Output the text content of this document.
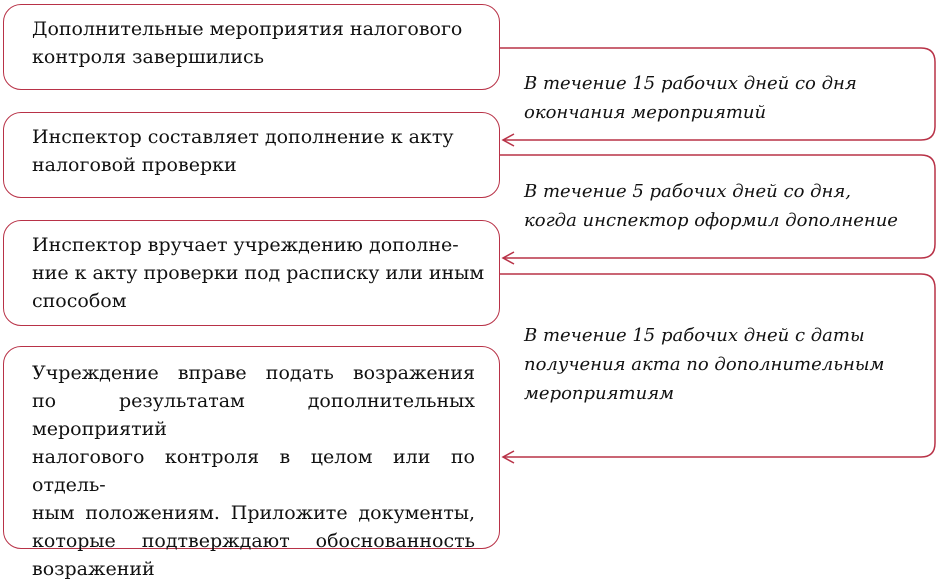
Дополнительные мероприятия налогового
контроля завершились
Инспектор составляет дополнение к акту
налоговой проверки
Инспектор вручает учреждению дополне-
ние к акту проверки под расписку или иным
способом
Учреждение вправе подать возражения
по результатам дополнительных мероприятий
налогового контроля в целом или по отдель-
ным положениям. Приложите документы,
которые подтверждают обоснованность
возражений
В течение 15 рабочих дней со дня
окончания мероприятий
В течение 5 рабочих дней со дня,
когда инспектор оформил дополнение
В течение 15 рабочих дней с даты
получения акта по дополнительным
мероприятиям
